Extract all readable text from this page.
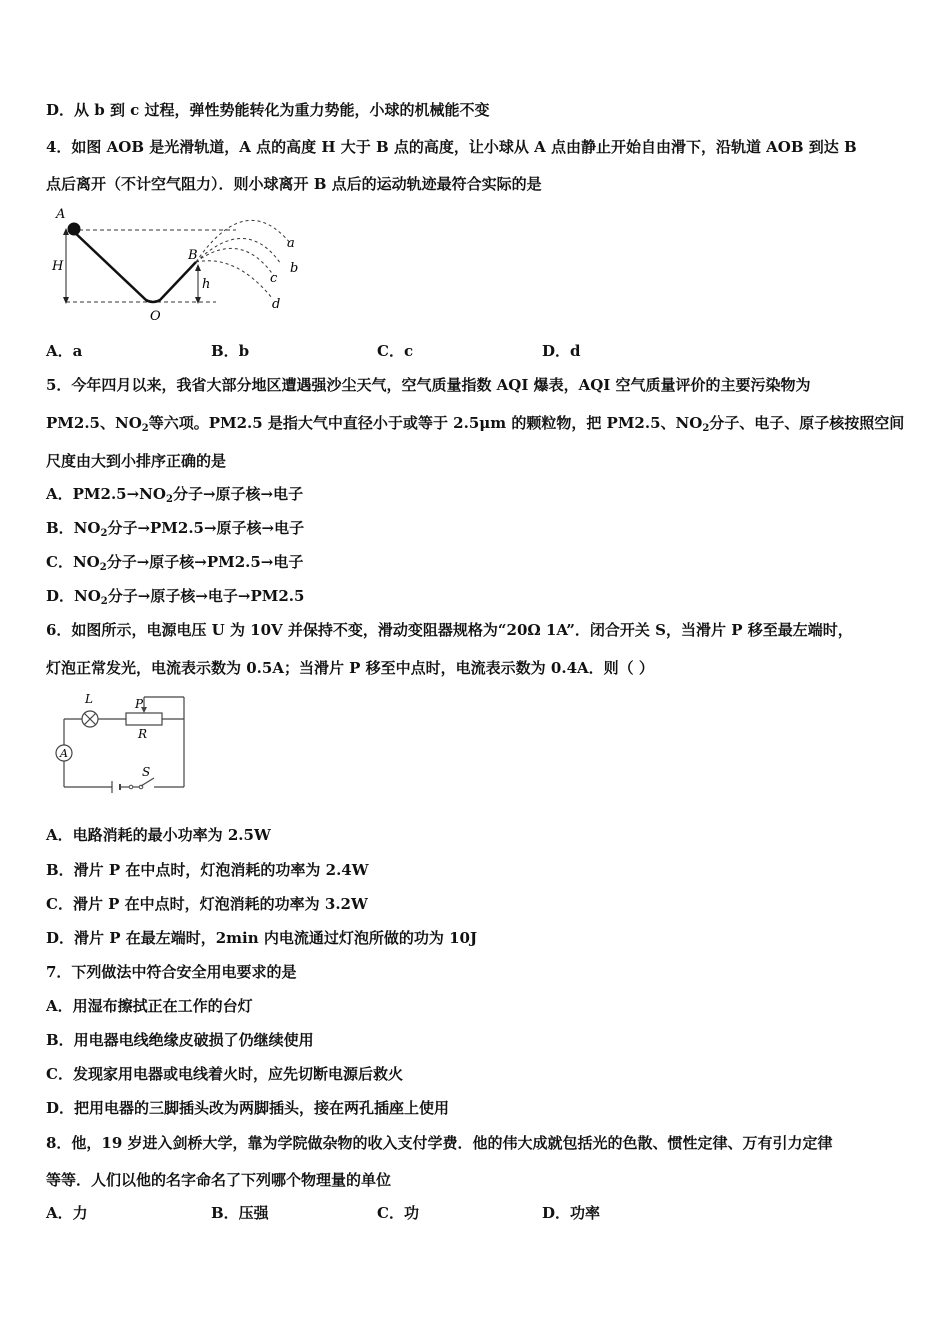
D．从 b 到 c 过程，弹性势能转化为重力势能，小球的机械能不变
4．如图 AOB 是光滑轨道，A 点的高度 H 大于 B 点的高度，让小球从 A 点由静止开始自由滑下，沿轨道 AOB 到达 B
点后离开（不计空气阻力）．则小球离开 B 点后的运动轨迹最符合实际的是
A
H
B
h
O
a
b
c
d
A．a	B．b	C．c	D．d
5．今年四月以来，我省大部分地区遭遇强沙尘天气，空气质量指数 AQI 爆表，AQI 空气质量评价的主要污染物为
PM2.5、$NO_2$等六项。PM2.5 是指大气中直径小于或等于 2.5μm 的颗粒物，把 PM2.5、$NO_2$分子、电子、原子核按照空间
尺度由大到小排序正确的是
A．$PM2.5\to NO_2$分子→原子核→电子
B．$NO_2$分子→PM2.5→原子核→电子
C．$NO_2$分子→原子核→PM2.5→电子
D．$NO_2$分子→原子核→电子→PM2.5
6．如图所示，电源电压 U 为 10V 并保持不变，滑动变阻器规格为“20Ω 1A”．闭合开关 S，当滑片 P 移至最左端时，
灯泡正常发光，电流表示数为 0.5A；当滑片 P 移至中点时，电流表示数为 0.4A．则（ ）
L	P
R
A
S
A．电路消耗的最小功率为 2.5W
B．滑片 P 在中点时，灯泡消耗的功率为 2.4W
C．滑片 P 在中点时，灯泡消耗的功率为 3.2W
D．滑片 P 在最左端时，2min 内电流通过灯泡所做的功为 10J
7．下列做法中符合安全用电要求的是
A．用湿布擦拭正在工作的台灯
B．用电器电线绝缘皮破损了仍继续使用
C．发现家用电器或电线着火时，应先切断电源后救火
D．把用电器的三脚插头改为两脚插头，接在两孔插座上使用
8．他，19 岁进入剑桥大学，靠为学院做杂物的收入支付学费．他的伟大成就包括光的色散、惯性定律、万有引力定律
等等．人们以他的名字命名了下列哪个物理量的单位
A．力	B．压强	C．功	D．功率
